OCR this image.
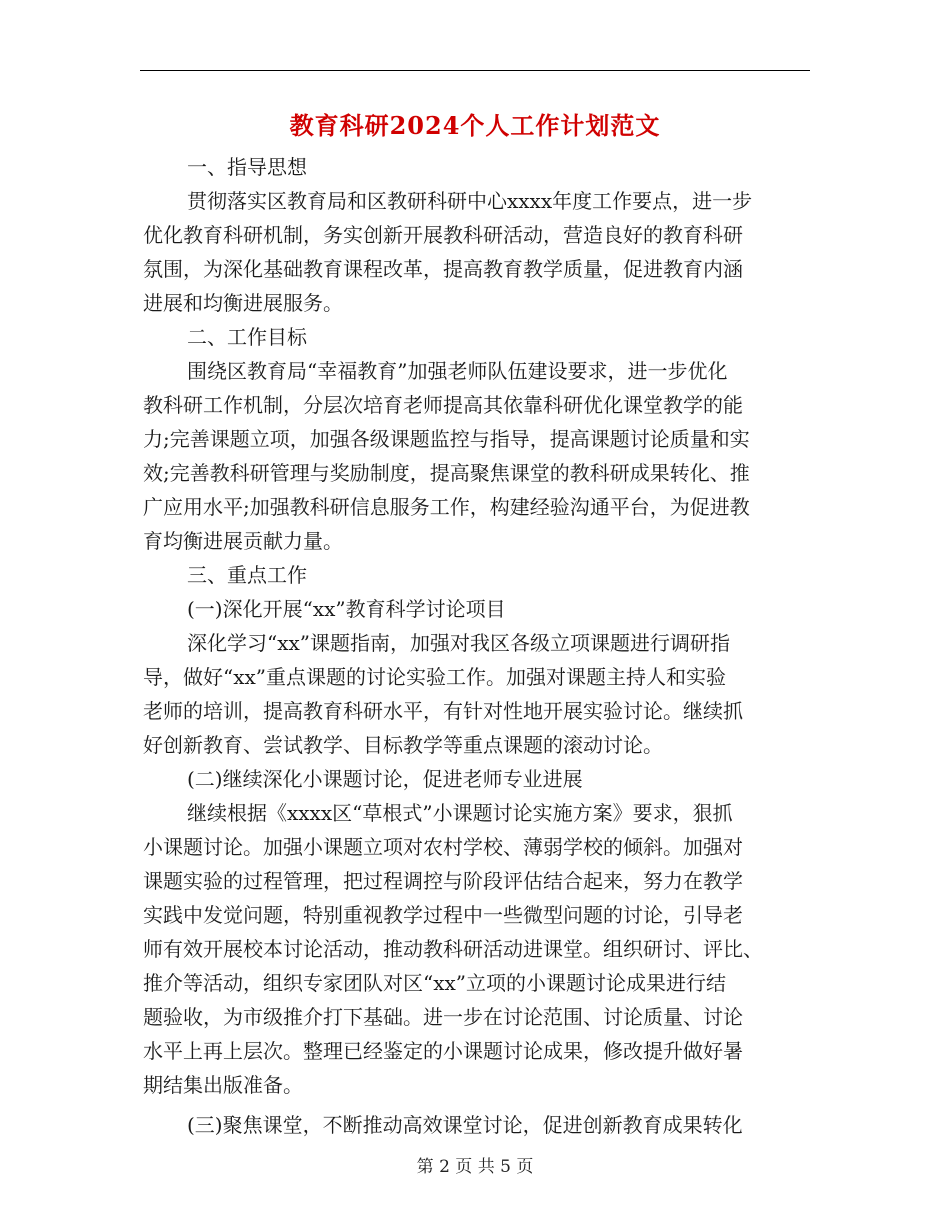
教育科研2024个人工作计划范文
一、指导思想
贯彻落实区教育局和区教研科研中心xxxx年度工作要点，进一步
优化教育科研机制，务实创新开展教科研活动，营造良好的教育科研
氛围，为深化基础教育课程改革，提高教育教学质量，促进教育内涵
进展和均衡进展服务。
二、工作目标
围绕区教育局“幸福教育”加强老师队伍建设要求，进一步优化
教科研工作机制，分层次培育老师提高其依靠科研优化课堂教学的能
力;完善课题立项，加强各级课题监控与指导，提高课题讨论质量和实
效;完善教科研管理与奖励制度，提高聚焦课堂的教科研成果转化、推
广应用水平;加强教科研信息服务工作，构建经验沟通平台，为促进教
育均衡进展贡献力量。
三、重点工作
(一)深化开展“xx”教育科学讨论项目
深化学习“xx”课题指南，加强对我区各级立项课题进行调研指
导，做好“xx”重点课题的讨论实验工作。加强对课题主持人和实验
老师的培训，提高教育科研水平，有针对性地开展实验讨论。继续抓
好创新教育、尝试教学、目标教学等重点课题的滚动讨论。
(二)继续深化小课题讨论，促进老师专业进展
继续根据《xxxx区“草根式”小课题讨论实施方案》要求，狠抓
小课题讨论。加强小课题立项对农村学校、薄弱学校的倾斜。加强对
课题实验的过程管理，把过程调控与阶段评估结合起来，努力在教学
实践中发觉问题，特别重视教学过程中一些微型问题的讨论，引导老
师有效开展校本讨论活动，推动教科研活动进课堂。组织研讨、评比、
推介等活动，组织专家团队对区“xx”立项的小课题讨论成果进行结
题验收，为市级推介打下基础。进一步在讨论范围、讨论质量、讨论
水平上再上层次。整理已经鉴定的小课题讨论成果，修改提升做好暑
期结集出版准备。
(三)聚焦课堂，不断推动高效课堂讨论，促进创新教育成果转化
第 2 页 共 5 页
